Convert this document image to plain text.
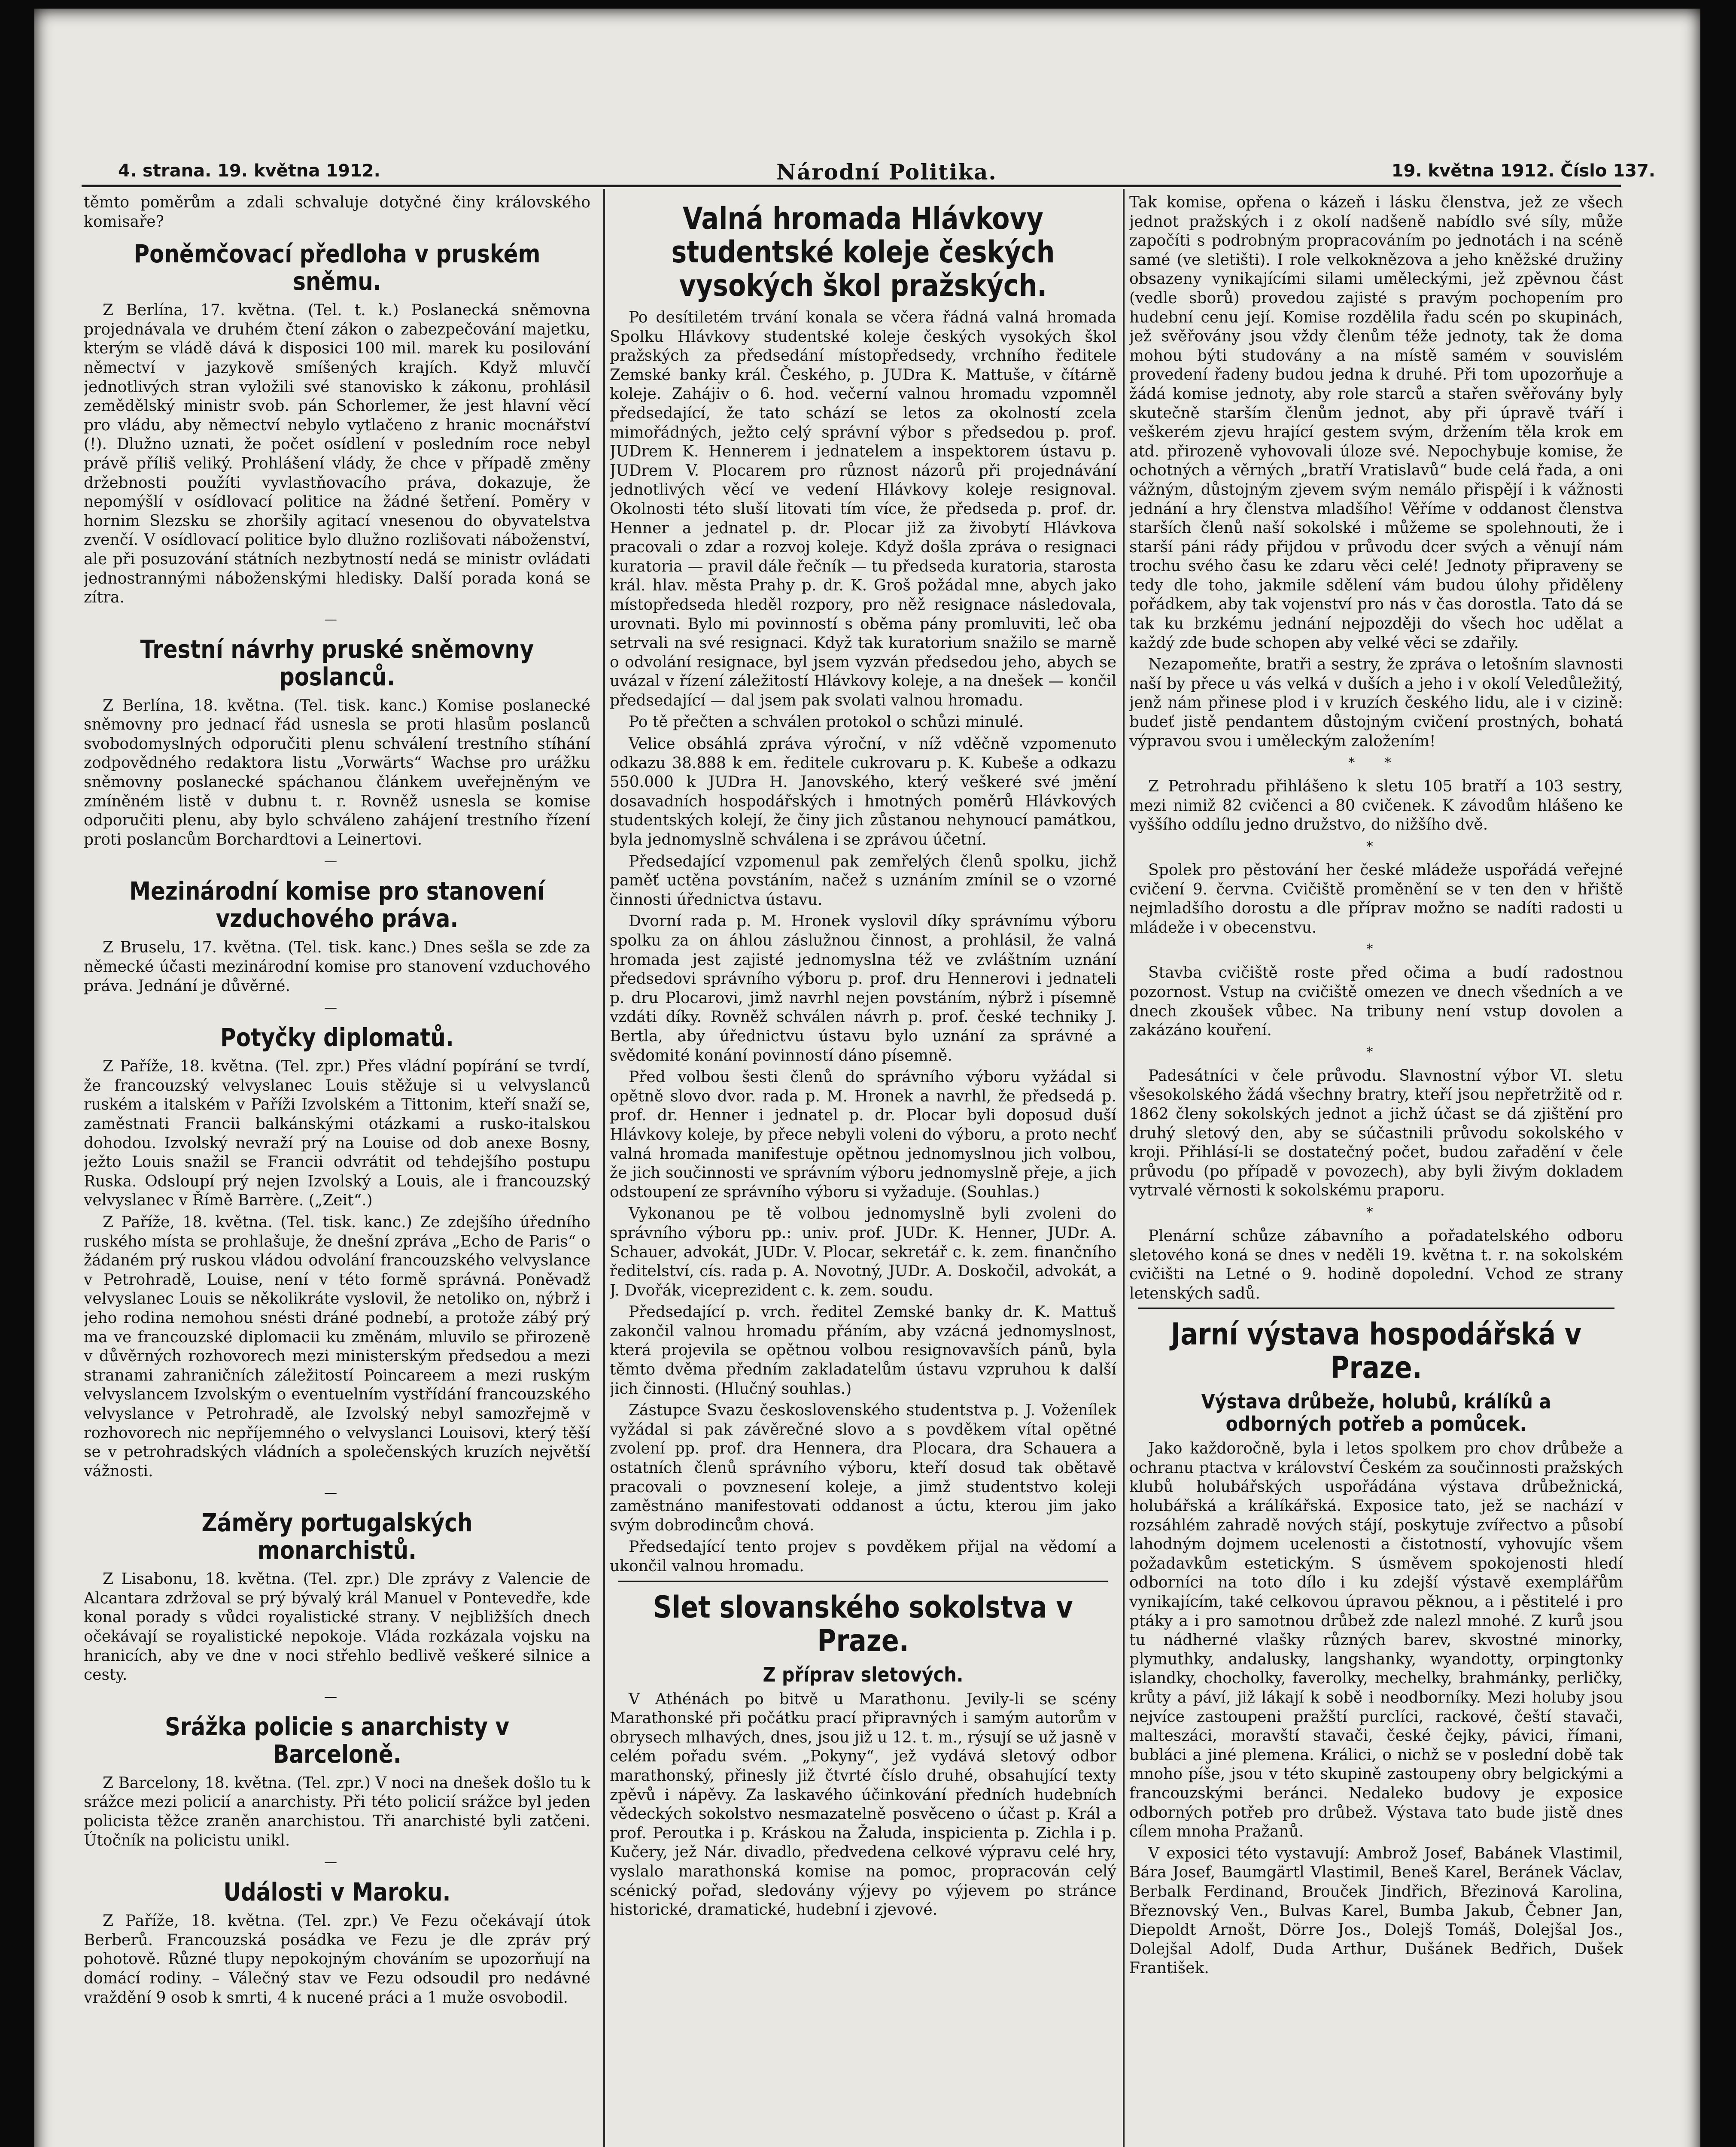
4. strana. 19. května 1912.	Národní Politika.	19. května 1912. Číslo 137.

těmto poměrům a zdali schvaluje dotyčné činy královského komisaře?

Poněmčovací předloha v pruském sněmu.

Z Berlína, 17. května. (Tel. t. k.) Poslanecká sněmovna projednávala ve druhém čtení zákon o zabezpečování majetku, kterým se vládě dává k disposici 100 mil. marek ku posilování němectví v jazykově smíšených krajích. Když mluvčí jednotlivých stran vyložili své stanovisko k zákonu, prohlásil zemědělský ministr svob. pán Schorlemer, že jest hlavní věcí pro vládu, aby němectví nebylo vytlačeno z hranic mocnářství (!). Dlužno uznati, že počet osídlení v posledním roce nebyl právě příliš veliký. Prohlášení vlády, že chce v případě změny držebnosti použíti vyvlastňovacího práva, dokazuje, že nepomýšlí v osídlovací politice na žádné šetření. Poměry v hornim Slezsku se zhoršily agitací vnesenou do obyvatelstva zvenčí. V osídlovací politice bylo dlužno rozlišovati náboženství, ale při posuzování státních nezbytností nedá se ministr ovládati jednostrannými náboženskými hledisky. Další porada koná se zítra.

—
Trestní návrhy pruské sněmovny poslanců.

Z Berlína, 18. května. (Tel. tisk. kanc.) Komise poslanecké sněmovny pro jednací řád usnesla se proti hlasům poslanců svobodomyslných odporučiti plenu schválení trestního stíhání zodpovědného redaktora listu „Vorwärts“ Wachse pro urážku sněmovny poslanecké spáchanou článkem uveřejněným ve zmíněném listě v dubnu t. r. Rovněž usnesla se komise odporučiti plenu, aby bylo schváleno zahájení trestního řízení proti poslancům Borchardtovi a Leinertovi.

—
Mezinárodní komise pro stanovení vzduchového práva.

Z Bruselu, 17. května. (Tel. tisk. kanc.) Dnes sešla se zde za německé účasti mezinárodní komise pro stanovení vzduchového práva. Jednání je důvěrné.

—
Potyčky diplomatů.

Z Paříže, 18. května. (Tel. zpr.) Přes vládní popírání se tvrdí, že francouzský velvyslanec Louis stěžuje si u velvyslanců ruském a italském v Paříži Izvolském a Tittonim, kteří snaží se, zaměstnati Francii balkánskými otázkami a rusko-italskou dohodou. Izvolský nevraží prý na Louise od dob anexe Bosny, ježto Louis snažil se Francii odvrátit od tehdejšího postupu Ruska. Odsloupí prý nejen Izvolský a Louis, ale i francouzský velvyslanec v Římě Barrère. („Zeit“.)

Z Paříže, 18. května. (Tel. tisk. kanc.) Ze zdejšího úředního ruského místa se prohlašuje, že dnešní zpráva „Echo de Paris“ o žádaném prý ruskou vládou odvolání francouzského velvyslance v Petrohradě, Louise, není v této formě správná. Poněvadž velvyslanec Louis se několikráte vyslovil, že netoliko on, nýbrž i jeho rodina nemohou snésti dráné podnebí, a protože zábý prý ma ve francouzské diplomacii ku změnám, mluvilo se přirozeně v důvěrných rozhovorech mezi ministerským předsedou a mezi stranami zahraničních záležitostí Poincareem a mezi ruským velvyslancem Izvolským o eventuelním vystřídání francouzského velvyslance v Petrohradě, ale Izvolský nebyl samozřejmě v rozhovorech nic nepříjemného o velvyslanci Louisovi, který těší se v petrohradských vládních a společenských kruzích největší vážnosti.

—
Záměry portugalských monarchistů.

Z Lisabonu, 18. května. (Tel. zpr.) Dle zprávy z Valencie de Alcantara zdržoval se prý bývalý král Manuel v Pontevedře, kde konal porady s vůdci royalistické strany. V nejbližších dnech očekávají se royalistické nepokoje. Vláda rozkázala vojsku na hranicích, aby ve dne v noci střehlo bedlivě veškeré silnice a cesty.

—
Srážka policie s anarchisty v Barceloně.

Z Barcelony, 18. května. (Tel. zpr.) V noci na dnešek došlo tu k srážce mezi policií a anarchisty. Při této policií srážce byl jeden policista těžce zraněn anarchistou. Tři anarchisté byli zatčeni. Útočník na policistu unikl.

—
Události v Maroku.

Z Paříže, 18. května. (Tel. zpr.) Ve Fezu očekávají útok Berberů. Francouzská posádka ve Fezu je dle zpráv prý pohotově. Různé tlupy nepokojným chováním se upozorňují na domácí rodiny. – Válečný stav ve Fezu odsoudil pro nedávné vraždění 9 osob k smrti, 4 k nucené práci a 1 muže osvobodil.

Valná hromada Hlávkovy studentské koleje českých vysokých škol pražských.

Po desítiletém trvání konala se včera řádná valná hromada Spolku Hlávkovy studentské koleje českých vysokých škol pražských za předsedání místopředsedy, vrchního ředitele Zemské banky král. Českého, p. JUDra K. Mattuše, v čítárně koleje. Zahájiv o 6. hod. večerní valnou hromadu vzpomněl předsedající, že tato schází se letos za okolností zcela mimořádných, ježto celý správní výbor s předsedou p. prof. JUDrem K. Hennerem i jednatelem a inspektorem ústavu p. JUDrem V. Plocarem pro různost názorů při projednávání jednotlivých věcí ve vedení Hlávkovy koleje resignoval. Okolnosti této sluší litovati tím více, že předseda p. prof. dr. Henner a jednatel p. dr. Plocar již za živobytí Hlávkova pracovali o zdar a rozvoj koleje. Když došla zpráva o resignaci kuratoria — pravil dále řečník — tu předseda kuratoria, starosta král. hlav. města Prahy p. dr. K. Groš požádal mne, abych jako místopředseda hleděl rozpory, pro něž resignace následovala, urovnati. Bylo mi povinností s oběma pány promluviti, leč oba setrvali na své resignaci. Když tak kuratorium snažilo se marně o odvolání resignace, byl jsem vyzván předsedou jeho, abych se uvázal v řízení záležitostí Hlávkovy koleje, a na dnešek — končil předsedající — dal jsem pak svolati valnou hromadu.

Po tě přečten a schválen protokol o schůzi minulé.

Velice obsáhlá zpráva výroční, v níž vděčně vzpomenuto odkazu 38.888 k em. ředitele cukrovaru p. K. Kubeše a odkazu 550.000 k JUDra H. Janovského, který veškeré své jmění dosavadních hospodářských i hmotných poměrů Hlávkových studentských kolejí, že činy jich zůstanou nehynoucí památkou, byla jednomyslně schválena i se zprávou účetní.

Předsedající vzpomenul pak zemřelých členů spolku, jichž paměť uctěna povstáním, načež s uznáním zmínil se o vzorné činnosti úřednictva ústavu.

Dvorní rada p. M. Hronek vyslovil díky správnímu výboru spolku za on áhlou záslužnou činnost, a prohlásil, že valná hromada jest zajisté jednomyslna též ve zvláštním uznání předsedovi správního výboru p. prof. dru Hennerovi i jednateli p. dru Plocarovi, jimž navrhl nejen povstáním, nýbrž i písemně vzdáti díky. Rovněž schválen návrh p. prof. české techniky J. Bertla, aby úřednictvu ústavu bylo uznání za správné a svědomité konání povinností dáno písemně.

Před volbou šesti členů do správního výboru vyžádal si opětně slovo dvor. rada p. M. Hronek a navrhl, že předsedá p. prof. dr. Henner i jednatel p. dr. Plocar byli doposud duší Hlávkovy koleje, by přece nebyli voleni do výboru, a proto nechť valná hromada manifestuje opětnou jednomyslnou jich volbou, že jich součinnosti ve správním výboru jednomyslně přeje, a jich odstoupení ze správního výboru si vyžaduje. (Souhlas.)

Vykonanou pe tě volbou jednomyslně byli zvoleni do správního výboru pp.: univ. prof. JUDr. K. Henner, JUDr. A. Schauer, advokát, JUDr. V. Plocar, sekretář c. k. zem. finančního ředitelství, cís. rada p. A. Novotný, JUDr. A. Doskočil, advokát, a J. Dvořák, viceprezident c. k. zem. soudu.

Předsedající p. vrch. ředitel Zemské banky dr. K. Mattuš zakončil valnou hromadu přáním, aby vzácná jednomyslnost, která projevila se opětnou volbou resignovavších pánů, byla těmto dvěma předním zakladatelům ústavu vzpruhou k další jich činnosti. (Hlučný souhlas.)

Zástupce Svazu československého studentstva p. J. Voženílek vyžádal si pak závěrečné slovo a s povděkem vítal opětné zvolení pp. prof. dra Hennera, dra Plocara, dra Schauera a ostatních členů správního výboru, kteří dosud tak obětavě pracovali o povznesení koleje, a jimž studentstvo koleji zaměstnáno manifestovati oddanost a úctu, kterou jim jako svým dobrodincům chová.

Předsedající tento projev s povděkem přijal na vědomí a ukončil valnou hromadu.

Slet slovanského sokolstva v Praze.
Z příprav sletových.

V Athénách po bitvě u Marathonu. Jevily-li se scény Marathonské při počátku prací připravných i samým autorům v obrysech mlhavých, dnes, jsou již u 12. t. m., rýsují se už jasně v celém pořadu svém. „Pokyny“, jež vydává sletový odbor marathonský, přinesly již čtvrté číslo druhé, obsahující texty zpěvů i nápěvy. Za laskavého účinkování předních hudebních vědeckých sokolstvo nesmazatelně posvěceno o účast p. Král a prof. Peroutka i p. Kráskou na Žaluda, inspicienta p. Zichla i p. Kučery, jež Nár. divadlo, předvedena celkové výpravu celé hry, vyslalo marathonská komise na pomoc, propracován celý scénický pořad, sledovány výjevy po výjevem po stránce historické, dramatické, hudební i zjevové.

Tak komise, opřena o kázeň i lásku členstva, jež ze všech jednot pražských i z okolí nadšeně nabídlo své síly, může započíti s podrobným propracováním po jednotách i na scéně samé (ve sletišti). I role velkoknězova a jeho kněžské družiny obsazeny vynikajícími silami uměleckými, jež zpěvnou část (vedle sborů) provedou zajisté s pravým pochopením pro hudební cenu její. Komise rozdělila řadu scén po skupinách, jež svěřovány jsou vždy členům téže jednoty, tak že doma mohou býti studovány a na místě samém v souvislém provedení řadeny budou jedna k druhé. Při tom upozorňuje a žádá komise jednoty, aby role starců a stařen svěřovány byly skutečně starším členům jednot, aby při úpravě tváří i veškerém zjevu hrající gestem svým, držením těla krok em atd. přirozeně vyhovovali úloze své. Nepochybuje komise, že ochotných a věrných „bratří Vratislavů“ bude celá řada, a oni vážným, důstojným zjevem svým nemálo přispějí i k vážnosti jednání a hry členstva mladšího! Věříme v oddanost členstva starších členů naší sokolské i můžeme se spolehnouti, že i starší páni rády přijdou v průvodu dcer svých a věnují nám trochu svého času ke zdaru věci celé! Jednoty připraveny se tedy dle toho, jakmile sdělení vám budou úlohy přiděleny pořádkem, aby tak vojenství pro nás v čas dorostla. Tato dá se tak ku brzkému jednání nejpozději do všech hoc udělat a každý zde bude schopen aby velké věci se zdařily.

Nezapomeňte, bratři a sestry, že zpráva o letošním slavnosti naší by přece u vás velká v duších a jeho i v okolí Veledůležitý, jenž nám přinese plod i v kruzích českého lidu, ale i v cizině: budeť jistě pendantem důstojným cvičení prostných, bohatá výpravou svou i uměleckým založením!

* *

Z Petrohradu přihlášeno k sletu 105 bratří a 103 sestry, mezi nimiž 82 cvičenci a 80 cvičenek. K závodům hlášeno ke vyššího oddílu jedno družstvo, do nižšího dvě.

*

Spolek pro pěstování her české mládeže uspořádá veřejné cvičení 9. června. Cvičiště proměnění se v ten den v hřiště nejmladšího dorostu a dle příprav možno se nadíti radosti u mládeže i v obecenstvu.

*

Stavba cvičiště roste před očima a budí radostnou pozornost. Vstup na cvičiště omezen ve dnech všedních a ve dnech zkoušek vůbec. Na tribuny není vstup dovolen a zakázáno kouření.

*

Padesátníci v čele průvodu. Slavnostní výbor VI. sletu všesokolského žádá všechny bratry, kteří jsou nepřetržitě od r. 1862 členy sokolských jednot a jichž účast se dá zjištění pro druhý sletový den, aby se súčastnili průvodu sokolského v kroji. Přihlásí-li se dostatečný počet, budou zařadění v čele průvodu (po případě v povozech), aby byli živým dokladem vytrvalé věrnosti k sokolskému praporu.

*

Plenární schůze zábavního a pořadatelského odboru sletového koná se dnes v neděli 19. května t. r. na sokolském cvičišti na Letné o 9. hodině dopolední. Vchod ze strany letenských sadů.

Jarní výstava hospodářská v Praze.
Výstava drůbeže, holubů, králíků a odborných potřeb a pomůcek.

Jako každoročně, byla i letos spolkem pro chov drůbeže a ochranu ptactva v království Českém za součinnosti pražských klubů holubářských uspořádána výstava drůbežnická, holubářská a králíkářská. Exposice tato, jež se nachází v rozsáhlém zahradě nových stájí, poskytuje zvířectvo a působí lahodným dojmem ucelenosti a čistotností, vyhovujíc všem požadavkům estetickým. S úsměvem spokojenosti hledí odborníci na toto dílo i ku zdejší výstavě exemplářům vynikajícím, také celkovou úpravou pěknou, a i pěstitelé i pro ptáky a i pro samotnou drůbež zde nalezl mnohé. Z kurů jsou tu nádherné vlašky různých barev, skvostné minorky, plymuthky, andalusky, langshanky, wyandotty, orpingtonky islandky, chocholky, faverolky, mechelky, brahmánky, perličky, krůty a páví, již lákají k sobě i neodborníky. Mezi holuby jsou nejvíce zastoupeni pražští purclíci, rackové, čeští stavači, malteszáci, moravští stavači, české čejky, pávici, římani, bubláci a jiné plemena. Králici, o nichž se v poslední době tak mnoho píše, jsou v této skupině zastoupeny obry belgickými a francouzskými beránci. Nedaleko budovy je exposice odborných potřeb pro drůbež. Výstava tato bude jistě dnes cílem mnoha Pražanů.

V exposici této vystavují: Ambrož Josef, Babánek Vlastimil, Bára Josef, Baumgärtl Vlastimil, Beneš Karel, Beránek Václav, Berbalk Ferdinand, Brouček Jindřich, Březinová Karolina, Březnovský Ven., Bulvas Karel, Bumba Jakub, Čebner Jan, Diepoldt Arnošt, Dörre Jos., Dolejš Tomáš, Dolejšal Jos., Dolejšal Adolf, Duda Arthur, Dušánek Bedřich, Dušek František.
